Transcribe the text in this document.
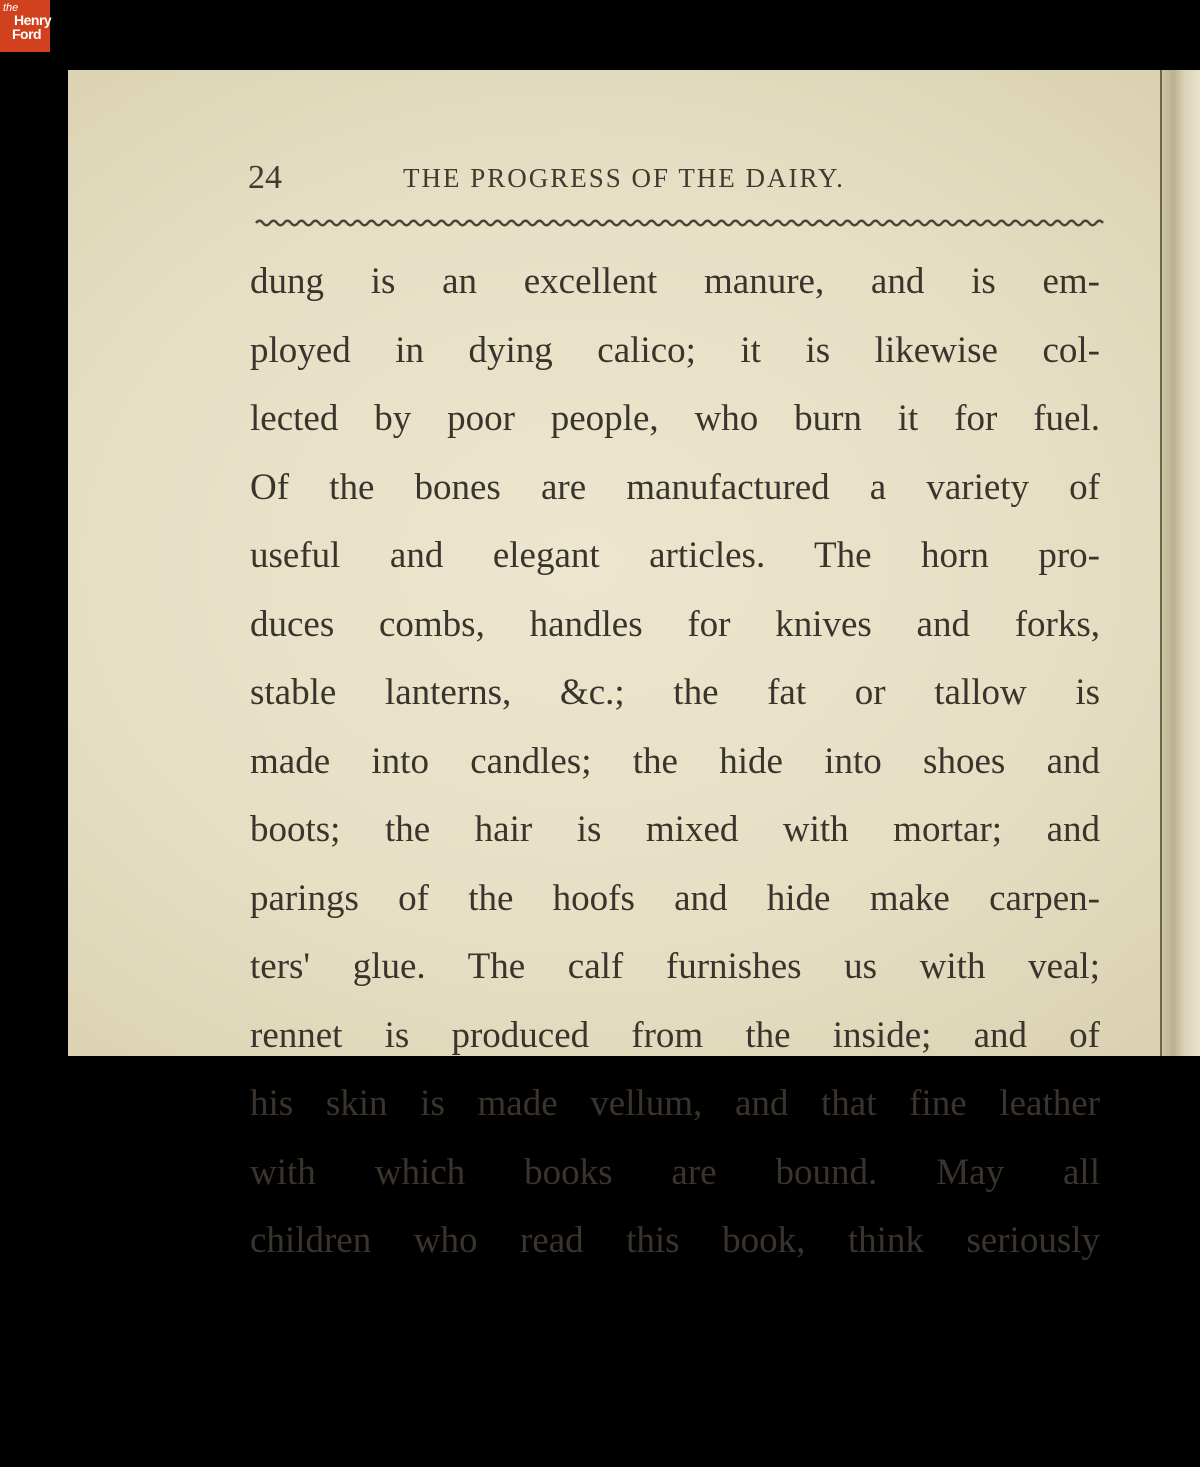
the
Henry
Ford
24	THE PROGRESS OF THE DAIRY.
dung is an excellent manure, and is em-
ployed in dying calico; it is likewise col-
lected by poor people, who burn it for fuel.
Of the bones are manufactured a variety of
useful and elegant articles. The horn pro-
duces combs, handles for knives and forks,
stable lanterns, &c.; the fat or tallow is
made into candles; the hide into shoes and
boots; the hair is mixed with mortar; and
parings of the hoofs and hide make carpen-
ters' glue. The calf furnishes us with veal;
rennet is produced from the inside; and of
his skin is made vellum, and that fine leather
with which books are bound. May all
children who read this book, think seriously
